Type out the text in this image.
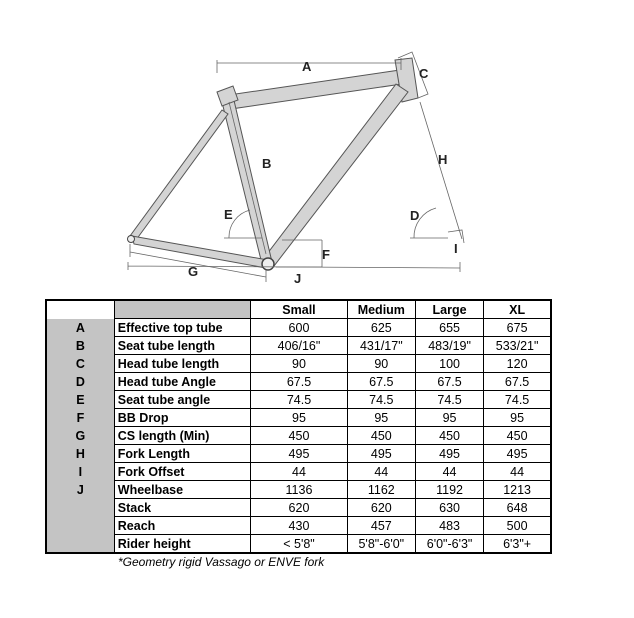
A
B
C
D
E
F
G
H
I
J
		Small	Medium	Large	XL
A	Effective top tube	600	625	655	675
B	Seat tube length	406/16"	431/17"	483/19"	533/21"
C	Head tube length	90	90	100	120
D	Head tube Angle	67.5	67.5	67.5	67.5
E	Seat tube angle	74.5	74.5	74.5	74.5
F	BB Drop	95	95	95	95
G	CS length (Min)	450	450	450	450
H	Fork Length	495	495	495	495
I	Fork Offset	44	44	44	44
J	Wheelbase	1136	1162	1192	1213
	Stack	620	620	630	648
	Reach	430	457	483	500
	Rider height	< 5'8"	5'8"-6'0"	6'0"-6'3"	6'3"+
*Geometry rigid Vassago or ENVE fork
